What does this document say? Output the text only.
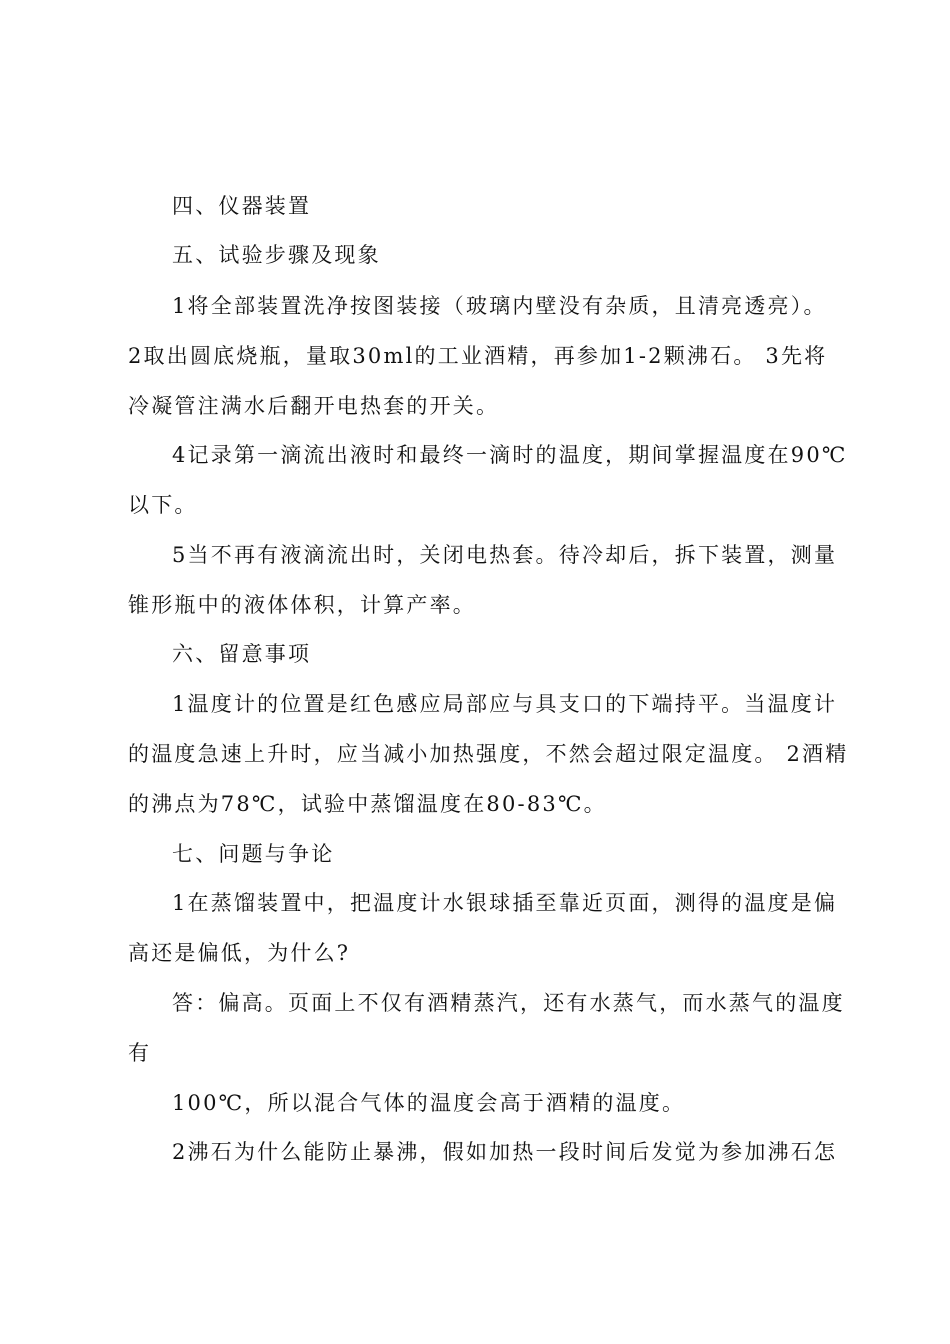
四、仪器装置
五、试验步骤及现象
1将全部装置洗净按图装接（玻璃内壁没有杂质，且清亮透亮）。
2取出圆底烧瓶，量取30ml的工业酒精，再参加1-2颗沸石。 3先将
冷凝管注满水后翻开电热套的开关。
4记录第一滴流出液时和最终一滴时的温度，期间掌握温度在90℃
以下。
5当不再有液滴流出时，关闭电热套。待冷却后，拆下装置，测量
锥形瓶中的液体体积，计算产率。
六、留意事项
1温度计的位置是红色感应局部应与具支口的下端持平。当温度计
的温度急速上升时，应当减小加热强度，不然会超过限定温度。 2酒精
的沸点为78℃，试验中蒸馏温度在80-83℃。
七、问题与争论
1在蒸馏装置中，把温度计水银球插至靠近页面，测得的温度是偏
高还是偏低，为什么?
答：偏高。页面上不仅有酒精蒸汽，还有水蒸气，而水蒸气的温度
有
100℃，所以混合气体的温度会高于酒精的温度。
2沸石为什么能防止暴沸，假如加热一段时间后发觉为参加沸石怎
